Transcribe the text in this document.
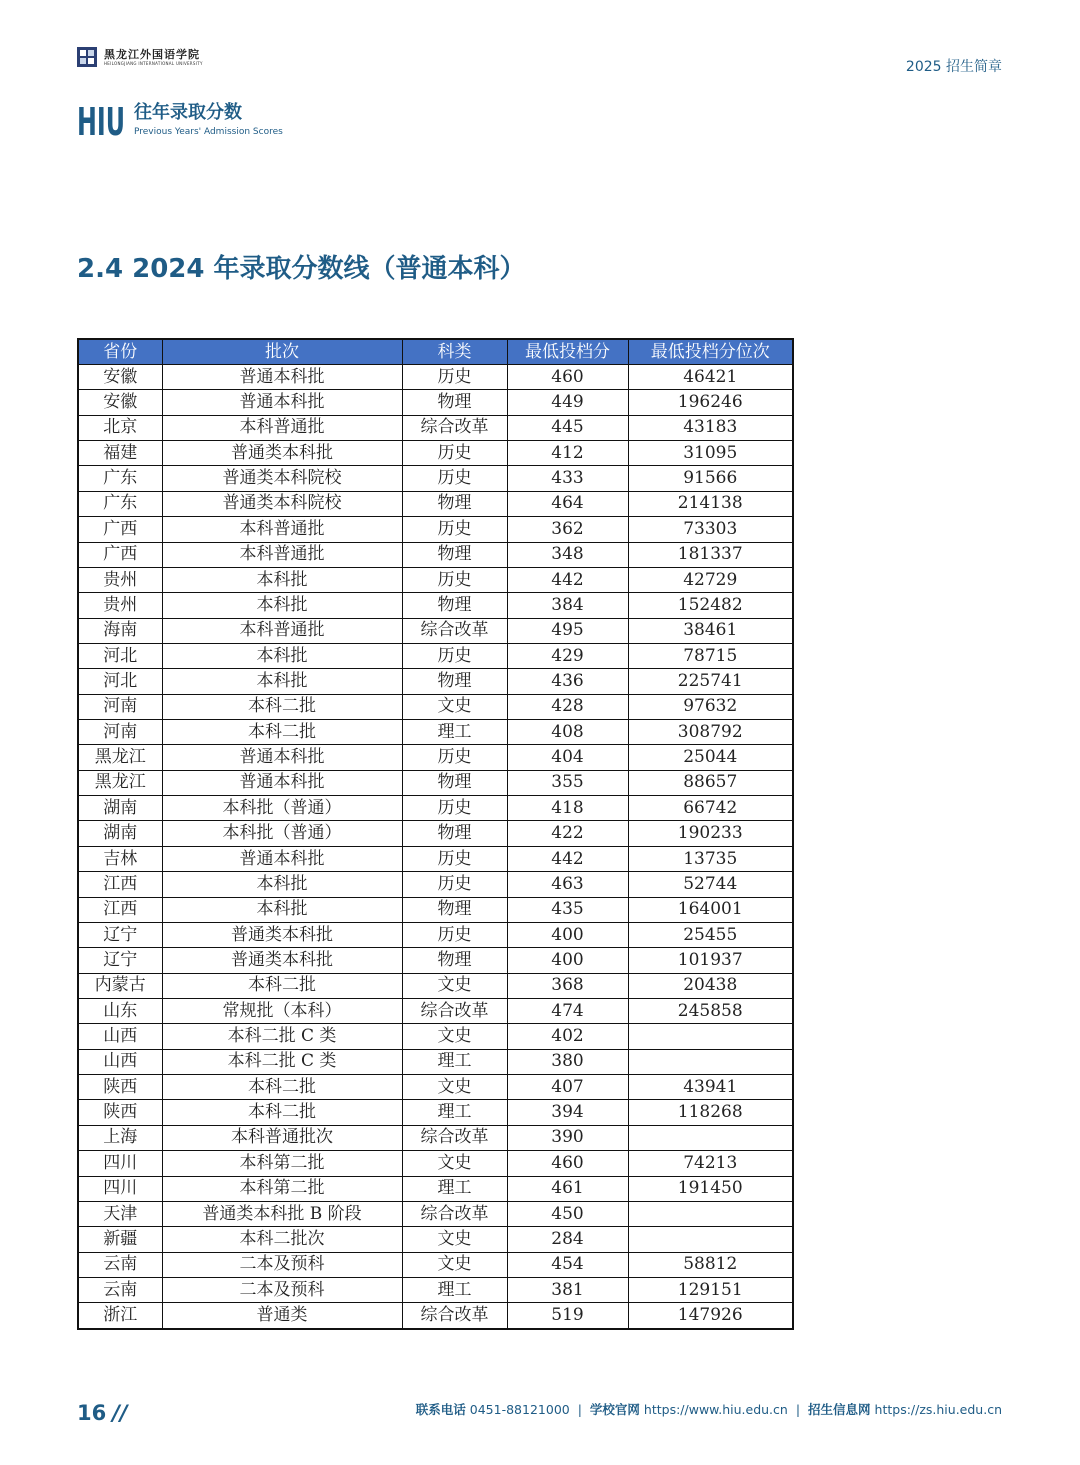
黑龙江外国语学院
HEILONGJIANG INTERNATIONAL UNIVERSITY	2025 招生简章
HIU 往年录取分数
Previous Years' Admission Scores
2.4 2024 年录取分数线（普通本科）
省份	批次	科类	最低投档分	最低投档分位次
安徽	普通本科批	历史	460	46421
安徽	普通本科批	物理	449	196246
北京	本科普通批	综合改革	445	43183
福建	普通类本科批	历史	412	31095
广东	普通类本科院校	历史	433	91566
广东	普通类本科院校	物理	464	214138
广西	本科普通批	历史	362	73303
广西	本科普通批	物理	348	181337
贵州	本科批	历史	442	42729
贵州	本科批	物理	384	152482
海南	本科普通批	综合改革	495	38461
河北	本科批	历史	429	78715
河北	本科批	物理	436	225741
河南	本科二批	文史	428	97632
河南	本科二批	理工	408	308792
黑龙江	普通本科批	历史	404	25044
黑龙江	普通本科批	物理	355	88657
湖南	本科批（普通）	历史	418	66742
湖南	本科批（普通）	物理	422	190233
吉林	普通本科批	历史	442	13735
江西	本科批	历史	463	52744
江西	本科批	物理	435	164001
辽宁	普通类本科批	历史	400	25455
辽宁	普通类本科批	物理	400	101937
内蒙古	本科二批	文史	368	20438
山东	常规批（本科）	综合改革	474	245858
山西	本科二批 C 类	文史	402	
山西	本科二批 C 类	理工	380	
陕西	本科二批	文史	407	43941
陕西	本科二批	理工	394	118268
上海	本科普通批次	综合改革	390	
四川	本科第二批	文史	460	74213
四川	本科第二批	理工	461	191450
天津	普通类本科批 B 阶段	综合改革	450	
新疆	本科二批次	文史	284	
云南	二本及预科	文史	454	58812
云南	二本及预科	理工	381	129151
浙江	普通类	综合改革	519	147926
16 //	联系电话 0451-88121000 | 学校官网 https://www.hiu.edu.cn | 招生信息网 https://zs.hiu.edu.cn
